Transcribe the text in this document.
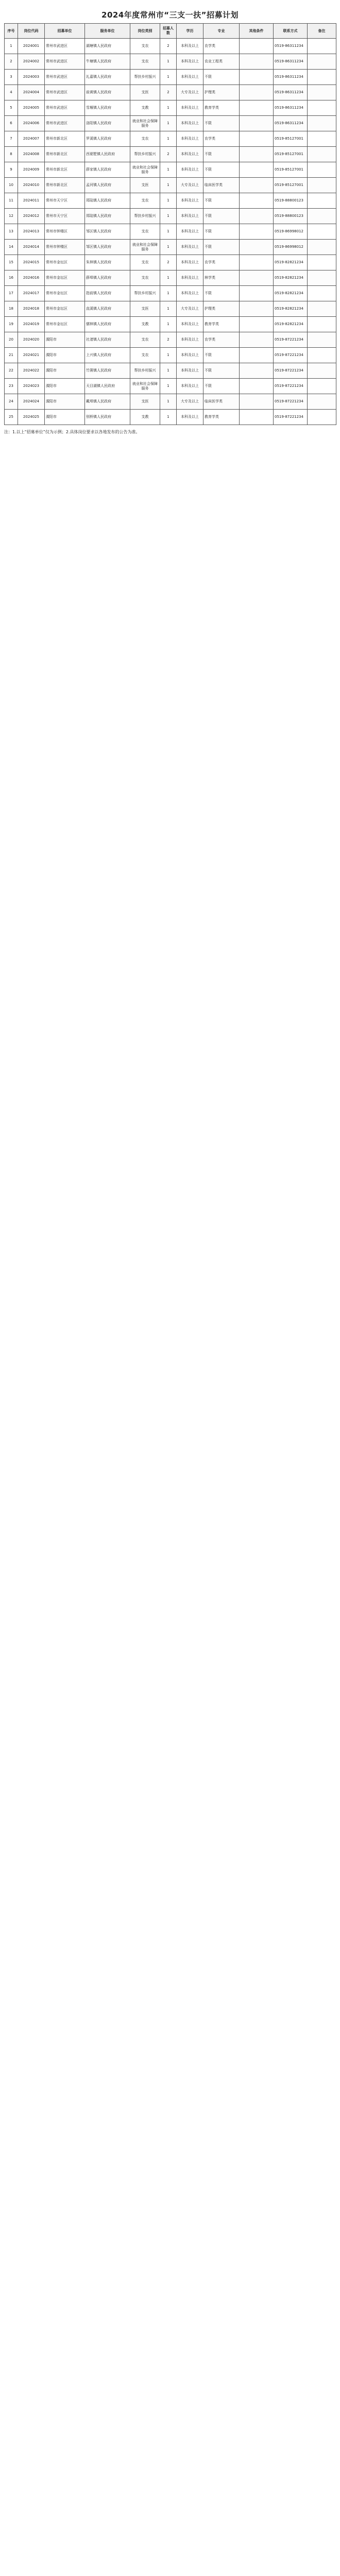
2024年度常州市“三支一扶”招募计划
序号	岗位代码	招募单位	服务单位	岗位类别	招募人数	学历	专业	其他条件	联系方式	备注
1	2024001	常州市武进区	湖塘镇人民政府	支农	2	本科及以上	农学类		0519-86311234	
2	2024002	常州市武进区	牛塘镇人民政府	支农	1	本科及以上	农业工程类		0519-86311234	
3	2024003	常州市武进区	礼嘉镇人民政府	帮扶乡村振兴	1	本科及以上	不限		0519-86311234	
4	2024004	常州市武进区	前黄镇人民政府	支医	2	大专及以上	护理类		0519-86311234	
5	2024005	常州市武进区	雪堰镇人民政府	支教	1	本科及以上	教育学类		0519-86311234	
6	2024006	常州市武进区	洛阳镇人民政府	就业和社会保障服务	1	本科及以上	不限		0519-86311234	
7	2024007	常州市新北区	罗溪镇人民政府	支农	1	本科及以上	农学类		0519-85127001	
8	2024008	常州市新北区	西夏墅镇人民政府	帮扶乡村振兴	2	本科及以上	不限		0519-85127001	
9	2024009	常州市新北区	薛家镇人民政府	就业和社会保障服务	1	本科及以上	不限		0519-85127001	
10	2024010	常州市新北区	孟河镇人民政府	支医	1	大专及以上	临床医学类		0519-85127001	
11	2024011	常州市天宁区	郑陆镇人民政府	支农	1	本科及以上	不限		0519-88800123	
12	2024012	常州市天宁区	郑陆镇人民政府	帮扶乡村振兴	1	本科及以上	不限		0519-88800123	
13	2024013	常州市钟楼区	邹区镇人民政府	支农	1	本科及以上	不限		0519-86998012	
14	2024014	常州市钟楼区	邹区镇人民政府	就业和社会保障服务	1	本科及以上	不限		0519-86998012	
15	2024015	常州市金坛区	朱林镇人民政府	支农	2	本科及以上	农学类		0519-82821234	
16	2024016	常州市金坛区	薛埠镇人民政府	支农	1	本科及以上	林学类		0519-82821234	
17	2024017	常州市金坛区	指前镇人民政府	帮扶乡村振兴	1	本科及以上	不限		0519-82821234	
18	2024018	常州市金坛区	直溪镇人民政府	支医	1	大专及以上	护理类		0519-82821234	
19	2024019	常州市金坛区	儒林镇人民政府	支教	1	本科及以上	教育学类		0519-82821234	
20	2024020	溧阳市	社渚镇人民政府	支农	2	本科及以上	农学类		0519-87221234	
21	2024021	溧阳市	上兴镇人民政府	支农	1	本科及以上	不限		0519-87221234	
22	2024022	溧阳市	竹箦镇人民政府	帮扶乡村振兴	1	本科及以上	不限		0519-87221234	
23	2024023	溧阳市	天目湖镇人民政府	就业和社会保障服务	1	本科及以上	不限		0519-87221234	
24	2024024	溧阳市	戴埠镇人民政府	支医	1	大专及以上	临床医学类		0519-87221234	
25	2024025	溧阳市	别桥镇人民政府	支教	1	本科及以上	教育学类		0519-87221234	
注：1.以上“招募单位”仅为示例；2.具体岗位要求以各地发布的公告为准。
